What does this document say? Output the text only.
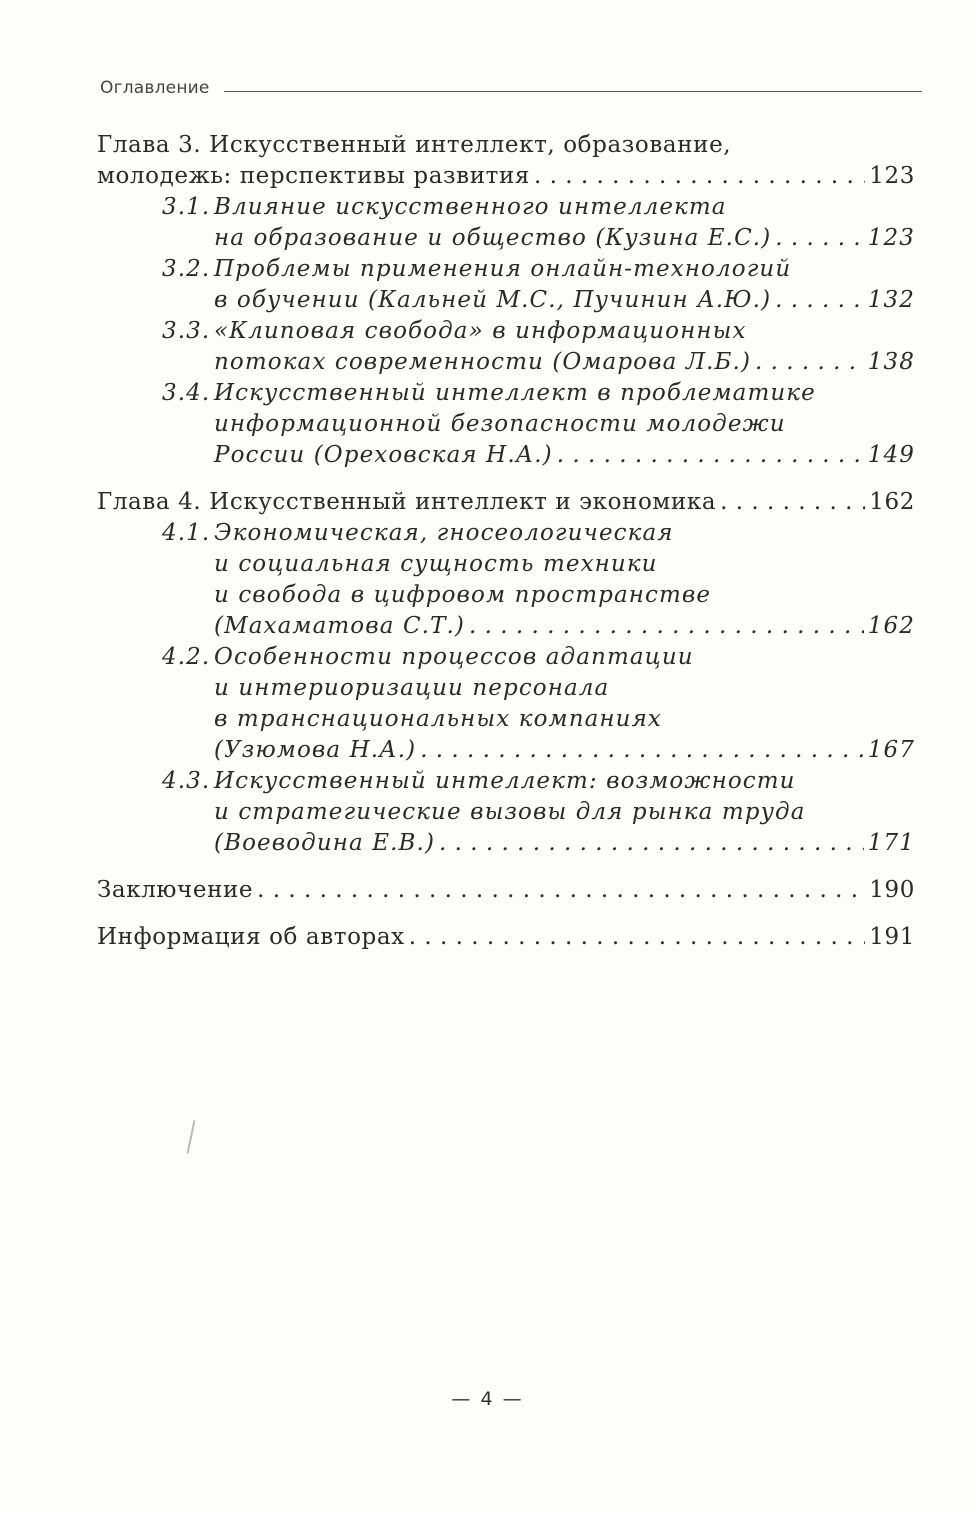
Оглавление
Глава 3. Искусственный интеллект, образование,
молодежь: перспективы развития . . .	123
3.1. Влияние искусственного интеллекта
на образование и общество (Кузина Е.С.) . . .	123
3.2. Проблемы применения онлайн-технологий
в обучении (Кальней М.С., Пучинин А.Ю.) . . .	132
3.3. «Клиповая свобода» в информационных
потоках современности (Омарова Л.Б.) . . .	138
3.4. Искусственный интеллект в проблематике
информационной безопасности молодежи
России (Ореховская Н.А.) . . .	149
Глава 4. Искусственный интеллект и экономика . . .	162
4.1. Экономическая, гносеологическая
и социальная сущность техники
и свобода в цифровом пространстве
(Махаматова С.Т.) . . .	162
4.2. Особенности процессов адаптации
и интериоризации персонала
в транснациональных компаниях
(Узюмова Н.А.) . . .	167
4.3. Искусственный интеллект: возможности
и стратегические вызовы для рынка труда
(Воеводина Е.В.) . . .	171
Заключение . . .	190
Информация об авторах . . .	191
— 4 —
